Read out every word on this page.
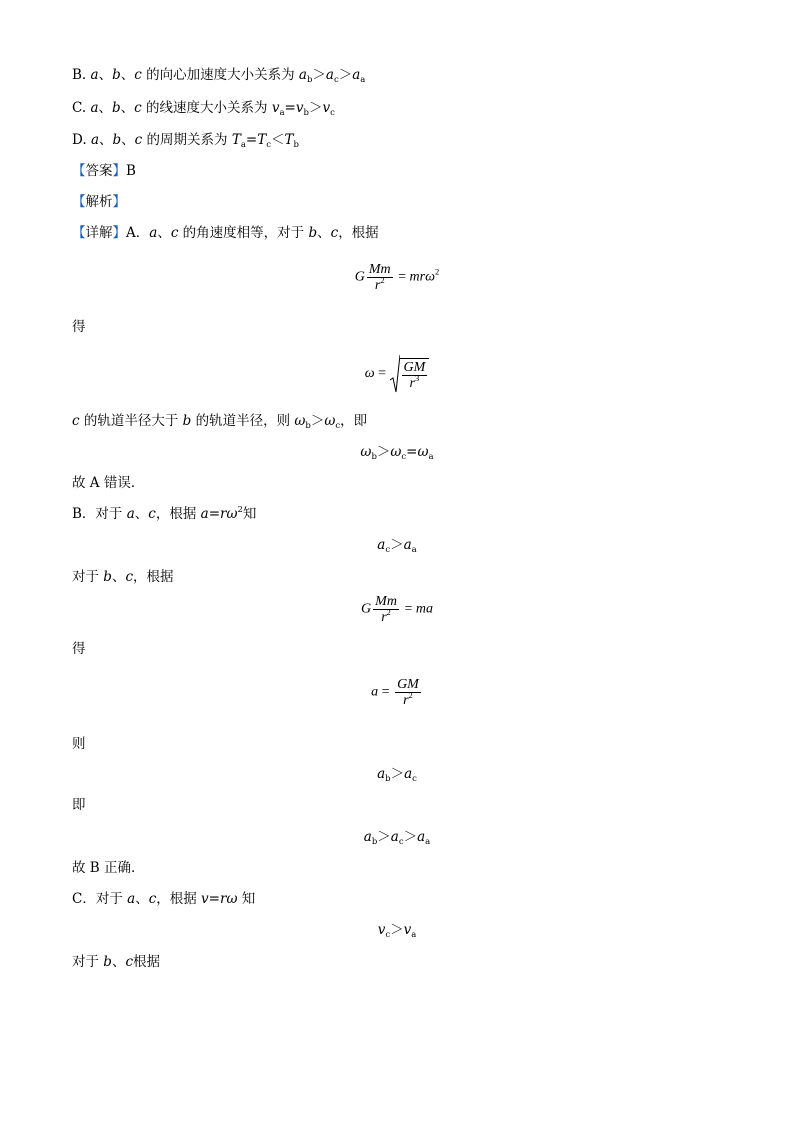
B. a、b、c 的向心加速度大小关系为 $a_b>a_c>a_a$
C. a、b、c 的线速度大小关系为 $v_a=v_b>v_c$
D. a、b、c 的周期关系为 $T_a=T_c<T_b$
【答案】B
【解析】
【详解】A．a、c 的角速度相等，对于 b、c，根据
G $\frac{Mm}{r^2} = mr\omega^2$
得
$\omega = \frac{GM}{r^3}$
c 的轨道半径大于 b 的轨道半径，则 $\omega_b>\omega_c$，即
$\omega_b>\omega_c=\omega_a$
故 A 错误．
B．对于 a、c，根据 $a=r\omega^2$知
$a_c>a_a$
对于 b、c，根据
G $\frac{Mm}{r^2}$ = ma
得
$a = \frac{GM}{r^2}$
则
$a_b>a_c$
即
$a_b>a_c>a_a$
故 B 正确．
C．对于 a、c，根据 v=rω 知
$v_c>v_a$
对于 b、c根据
